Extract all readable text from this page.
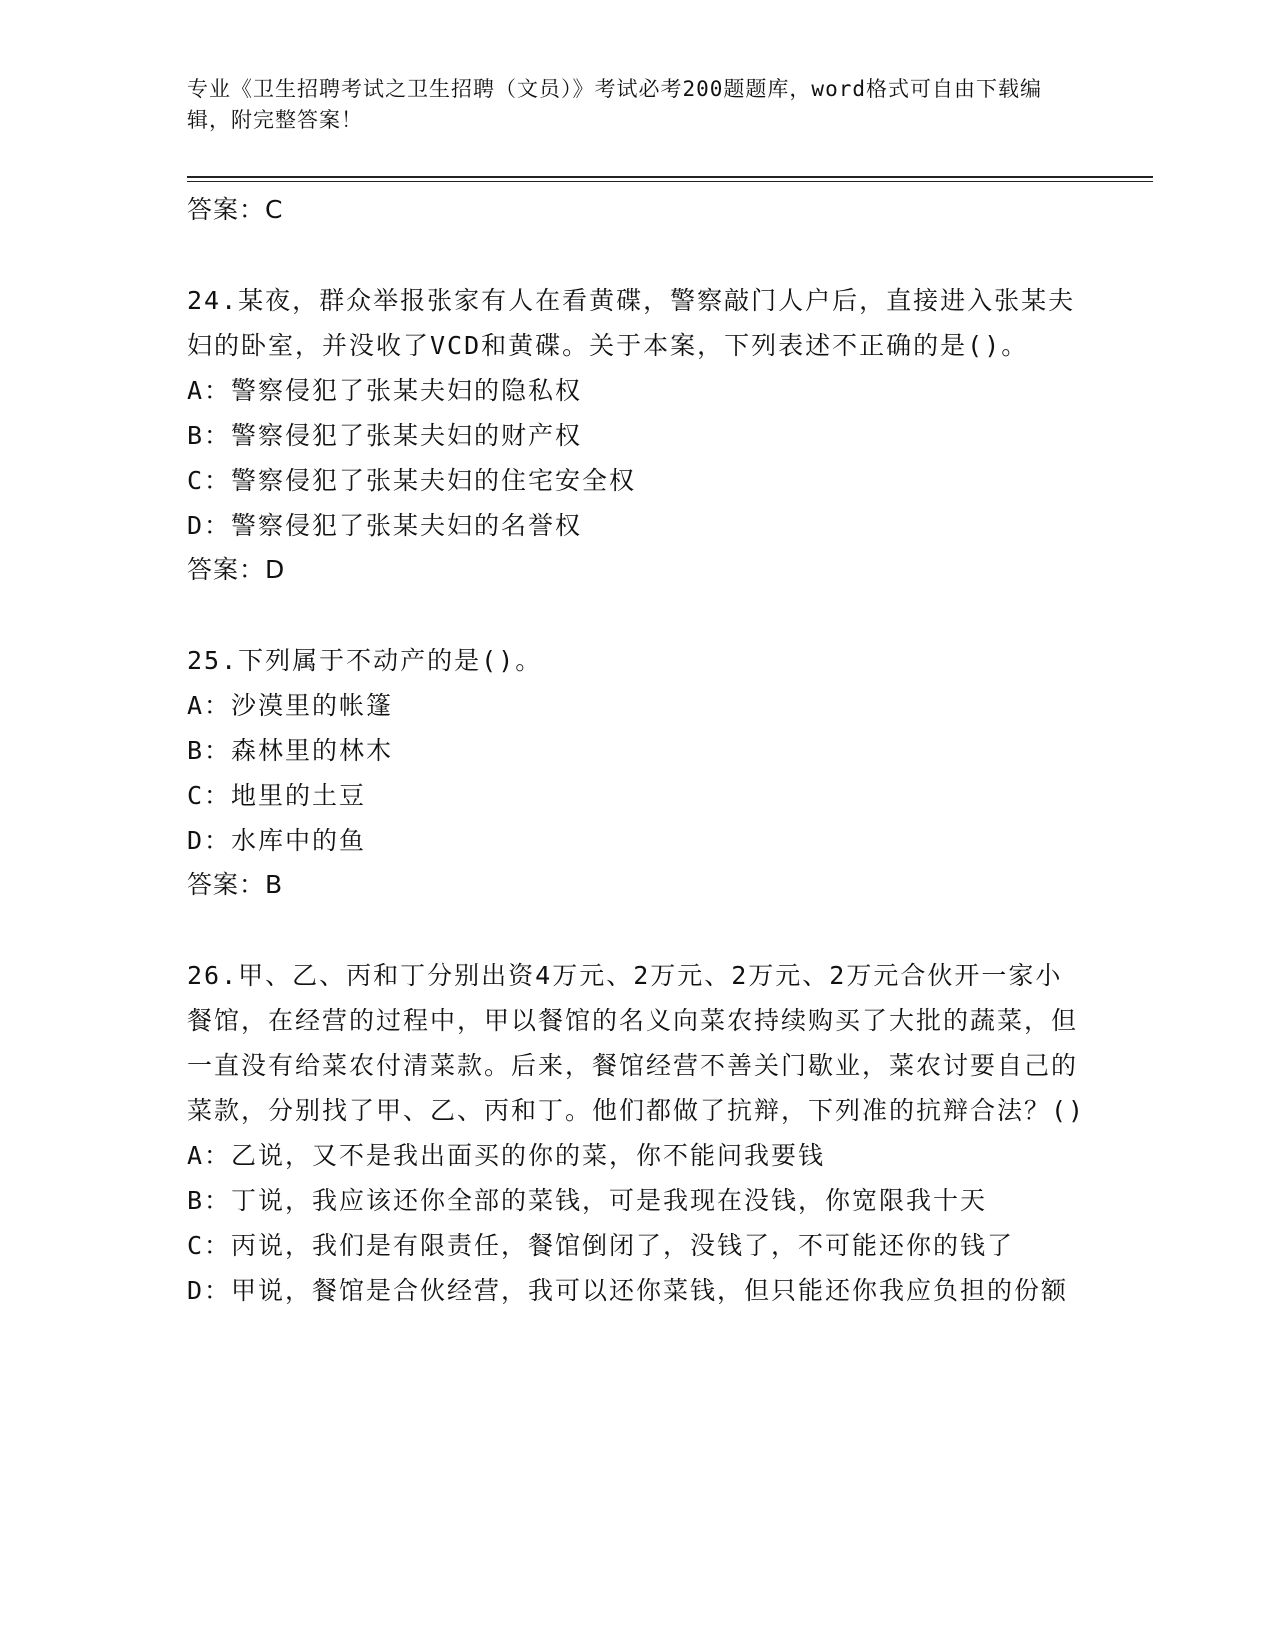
专业《卫生招聘考试之卫生招聘（文员）》考试必考200题题库，word格式可自由下载编辑，附完整答案！
答案：C
24.某夜，群众举报张家有人在看黄碟，警察敲门人户后，直接进入张某夫妇的卧室，并没收了VCD和黄碟。关于本案，下列表述不正确的是()。
A：警察侵犯了张某夫妇的隐私权
B：警察侵犯了张某夫妇的财产权
C：警察侵犯了张某夫妇的住宅安全权
D：警察侵犯了张某夫妇的名誉权
答案：D
25.下列属于不动产的是()。
A：沙漠里的帐篷
B：森林里的林木
C：地里的土豆
D：水库中的鱼
答案：B
26.甲、乙、丙和丁分别出资4万元、2万元、2万元、2万元合伙开一家小餐馆，在经营的过程中，甲以餐馆的名义向菜农持续购买了大批的蔬菜，但一直没有给菜农付清菜款。后来，餐馆经营不善关门歇业，菜农讨要自己的菜款，分别找了甲、乙、丙和丁。他们都做了抗辩，下列准的抗辩合法？()
A：乙说，又不是我出面买的你的菜，你不能问我要钱
B：丁说，我应该还你全部的菜钱，可是我现在没钱，你宽限我十天
C：丙说，我们是有限责任，餐馆倒闭了，没钱了，不可能还你的钱了
D：甲说，餐馆是合伙经营，我可以还你菜钱，但只能还你我应负担的份额
